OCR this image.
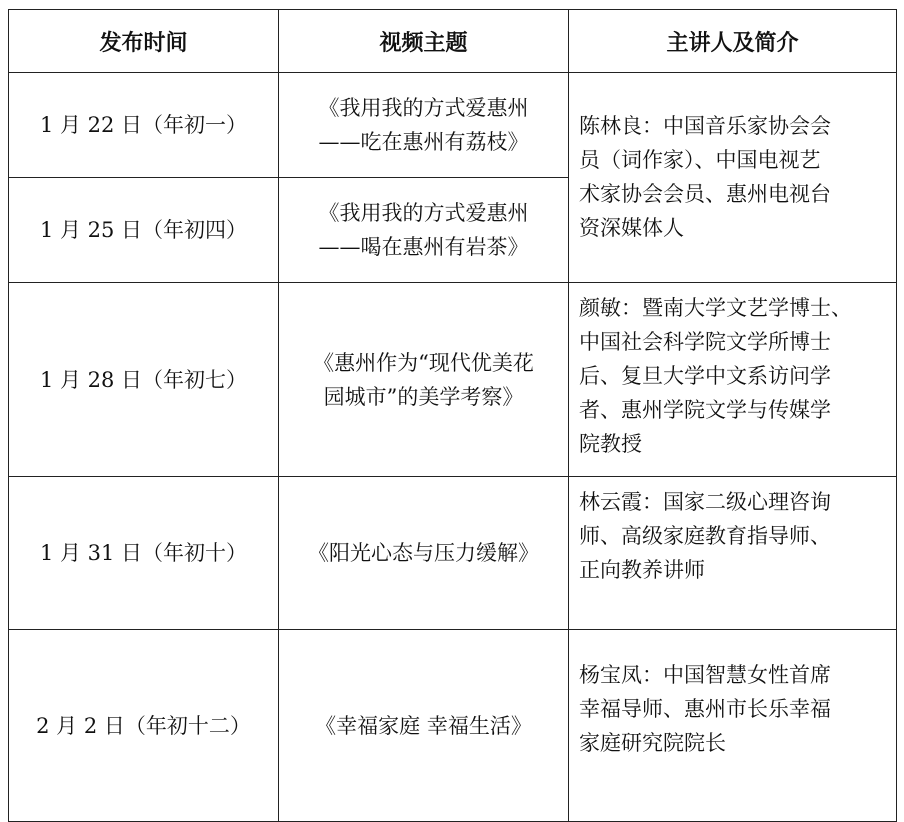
发布时间	视频主题	主讲人及简介
1 月 22 日（年初一）	《我用我的方式爱惠州
——吃在惠州有荔枝》	陈林良：中国音乐家协会会
员（词作家）、中国电视艺
术家协会会员、惠州电视台
资深媒体人

1 月 25 日（年初四）	《我用我的方式爱惠州
——喝在惠州有岩茶》	

1 月 28 日（年初七）	《惠州作为“现代优美花
园城市”的美学考察》	颜敏：暨南大学文艺学博士、
中国社会科学院文学所博士
后、复旦大学中文系访问学
者、惠州学院文学与传媒学
院教授

1 月 31 日（年初十）	《阳光心态与压力缓解》	林云霞：国家二级心理咨询
师、高级家庭教育指导师、
正向教养讲师

2 月 2 日（年初十二）	《幸福家庭 幸福生活》	杨宝凤：中国智慧女性首席
幸福导师、惠州市长乐幸福
家庭研究院院长
